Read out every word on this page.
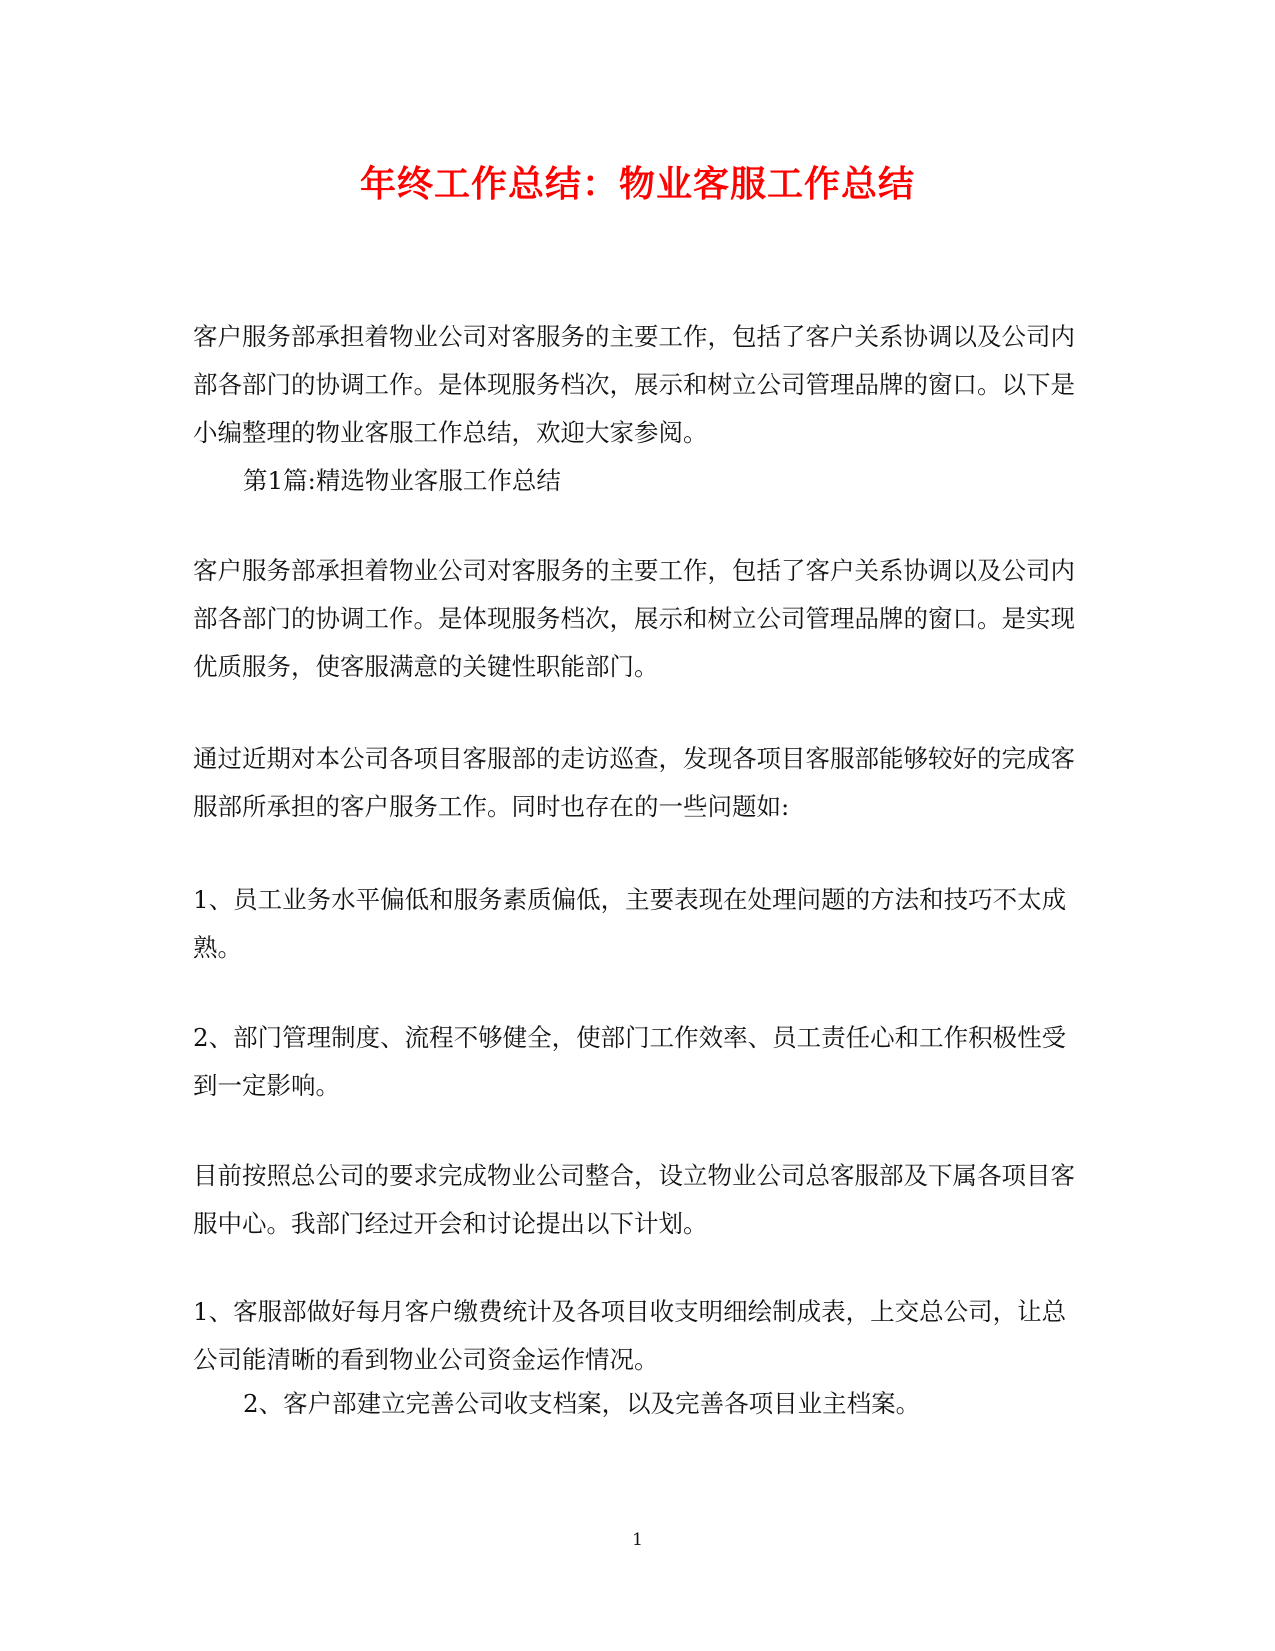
年终工作总结：物业客服工作总结

客户服务部承担着物业公司对客服务的主要工作，包括了客户关系协调以及公司内部各部门的协调工作。是体现服务档次，展示和树立公司管理品牌的窗口。以下是小编整理的物业客服工作总结，欢迎大家参阅。

第1篇:精选物业客服工作总结

客户服务部承担着物业公司对客服务的主要工作，包括了客户关系协调以及公司内部各部门的协调工作。是体现服务档次，展示和树立公司管理品牌的窗口。是实现优质服务，使客服满意的关键性职能部门。

通过近期对本公司各项目客服部的走访巡查，发现各项目客服部能够较好的完成客服部所承担的客户服务工作。同时也存在的一些问题如:

1、员工业务水平偏低和服务素质偏低，主要表现在处理问题的方法和技巧不太成熟。

2、部门管理制度、流程不够健全，使部门工作效率、员工责任心和工作积极性受到一定影响。

目前按照总公司的要求完成物业公司整合，设立物业公司总客服部及下属各项目客服中心。我部门经过开会和讨论提出以下计划。

1、客服部做好每月客户缴费统计及各项目收支明细绘制成表，上交总公司，让总公司能清晰的看到物业公司资金运作情况。

2、客户部建立完善公司收支档案，以及完善各项目业主档案。

1
